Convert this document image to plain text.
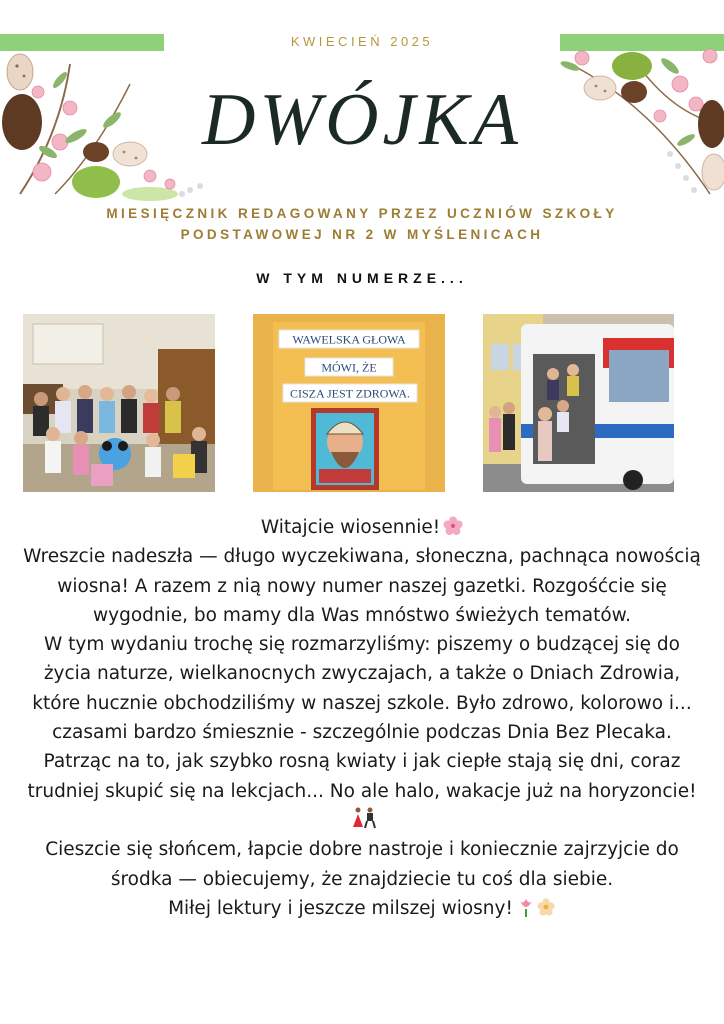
KWIECIEŃ 2025
DWÓJKA
MIESIĘCZNIK REDAGOWANY PRZEZ UCZNIÓW SZKOŁY
PODSTAWOWEJ NR 2 W MYŚLENICACH
W TYM NUMERZE...
WAWELSKA GŁOWA
MÓWI, ŻE
CISZA JEST ZDROWA.

Witajcie wiosennie!

Wreszcie nadeszła — długo wyczekiwana, słoneczna, pachnąca nowością wiosna! A razem z nią nowy numer naszej gazetki. Rozgośćcie się wygodnie, bo mamy dla Was mnóstwo świeżych tematów.

W tym wydaniu trochę się rozmarzyliśmy: piszemy o budzącej się do życia naturze, wielkanocnych zwyczajach, a także o Dniach Zdrowia, które hucznie obchodziliśmy w naszej szkole. Było zdrowo, kolorowo i... czasami bardzo śmiesznie - szczególnie podczas Dnia Bez Plecaka. Patrząc na to, jak szybko rosną kwiaty i jak ciepłe stają się dni, coraz trudniej skupić się na lekcjach... No ale halo, wakacje już na horyzoncie!

Cieszcie się słońcem, łapcie dobre nastroje i koniecznie zajrzyjcie do środka — obiecujemy, że znajdziecie tu coś dla siebie.

Miłej lektury i jeszcze milszej wiosny!
